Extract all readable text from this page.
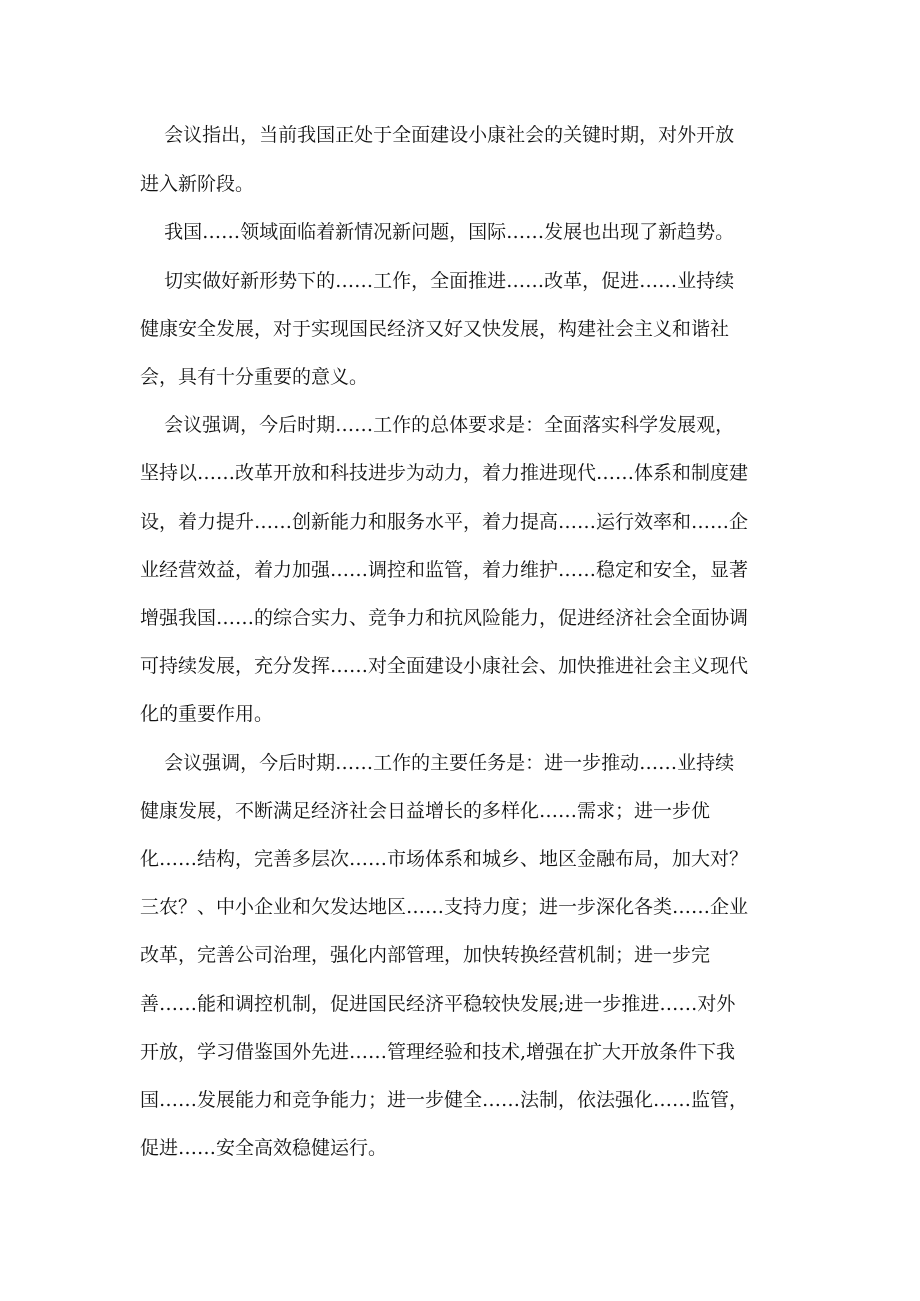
会议指出，当前我国正处于全面建设小康社会的关键时期，对外开放

进入新阶段。

我国……领域面临着新情况新问题，国际……发展也出现了新趋势。

切实做好新形势下的……工作，全面推进……改革，促进……业持续

健康安全发展，对于实现国民经济又好又快发展，构建社会主义和谐社

会，具有十分重要的意义。

会议强调，今后时期……工作的总体要求是：全面落实科学发展观，

坚持以……改革开放和科技进步为动力，着力推进现代……体系和制度建

设，着力提升……创新能力和服务水平，着力提高……运行效率和……企

业经营效益，着力加强……调控和监管，着力维护……稳定和安全，显著

增强我国……的综合实力、竞争力和抗风险能力，促进经济社会全面协调

可持续发展，充分发挥……对全面建设小康社会、加快推进社会主义现代

化的重要作用。

会议强调，今后时期……工作的主要任务是：进一步推动……业持续

健康发展，不断满足经济社会日益增长的多样化……需求；进一步优

化……结构，完善多层次……市场体系和城乡、地区金融布局，加大对？

三农？、中小企业和欠发达地区……支持力度；进一步深化各类……企业

改革，完善公司治理，强化内部管理，加快转换经营机制；进一步完

善……能和调控机制，促进国民经济平稳较快发展;进一步推进……对外

开放，学习借鉴国外先进……管理经验和技术,增强在扩大开放条件下我

国……发展能力和竞争能力；进一步健全……法制，依法强化……监管，

促进……安全高效稳健运行。
